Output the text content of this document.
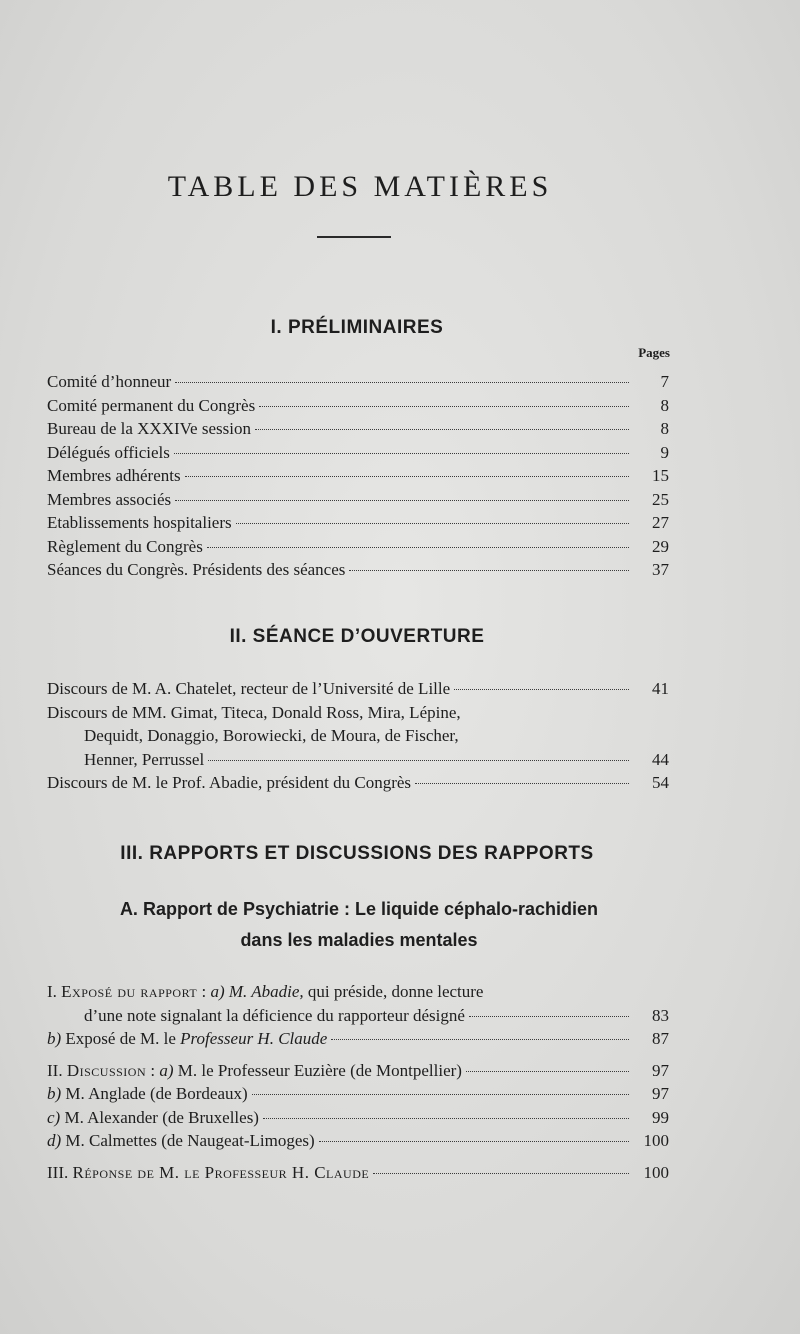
TABLE DES MATIÈRES
I. PRÉLIMINAIRES
Pages
Comité d’honneur	7
Comité permanent du Congrès	8
Bureau de la XXXIVe session	8
Délégués officiels	9
Membres adhérents	15
Membres associés	25
Etablissements hospitaliers	27
Règlement du Congrès	29
Séances du Congrès. Présidents des séances	37
II. SÉANCE D’OUVERTURE
Discours de M. A. Chatelet, recteur de l’Université de Lille	41
Discours de MM. Gimat, Titeca, Donald Ross, Mira, Lépine,
Dequidt, Donaggio, Borowiecki, de Moura, de Fischer,
Henner, Perrussel	44
Discours de M. le Prof. Abadie, président du Congrès	54
III. RAPPORTS ET DISCUSSIONS DES RAPPORTS
A. Rapport de Psychiatrie : Le liquide céphalo-rachidien
dans les maladies mentales
I. Exposé du rapport : a) M. Abadie, qui préside, donne lecture
d’une note signalant la déficience du rapporteur désigné	83
b) Exposé de M. le Professeur H. Claude	87
II. Discussion : a) M. le Professeur Euzière (de Montpellier)	97
b) M. Anglade (de Bordeaux)	97
c) M. Alexander (de Bruxelles)	99
d) M. Calmettes (de Naugeat-Limoges)	100
III. Réponse de M. le Professeur H. Claude	100
